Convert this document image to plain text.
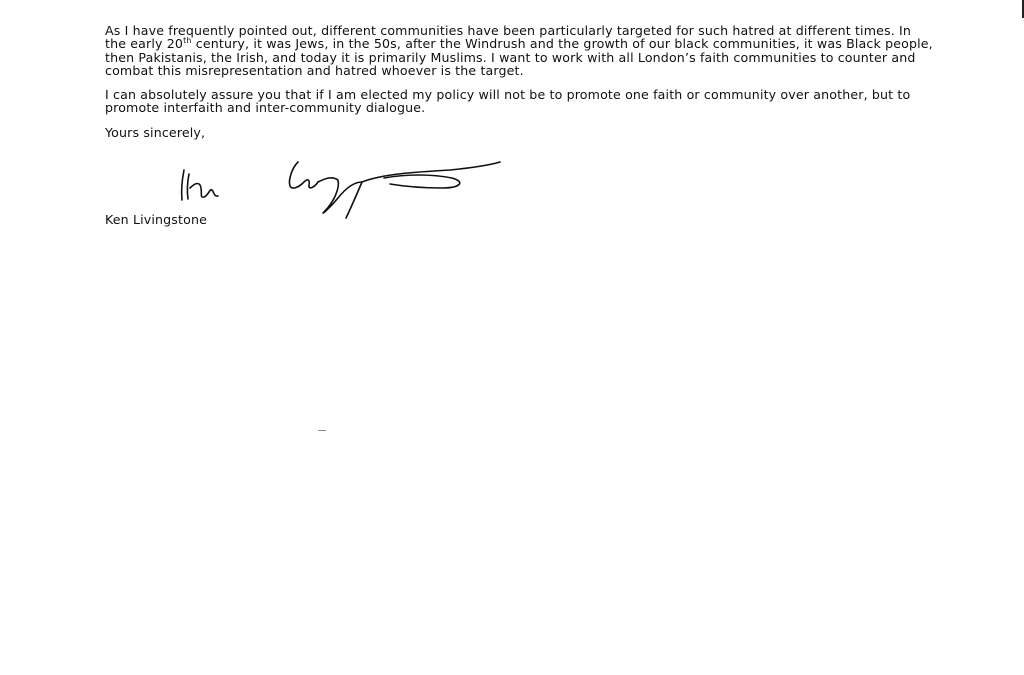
As I have frequently pointed out, different communities have been particularly targeted for such hatred at different times. In the early 20th century, it was Jews, in the 50s, after the Windrush and the growth of our black communities, it was Black people, then Pakistanis, the Irish, and today it is primarily Muslims. I want to work with all London’s faith communities to counter and combat this misrepresentation and hatred whoever is the target.

I can absolutely assure you that if I am elected my policy will not be to promote one faith or community over another, but to promote interfaith and inter-community dialogue.

Yours sincerely,

Ken Livingstone
